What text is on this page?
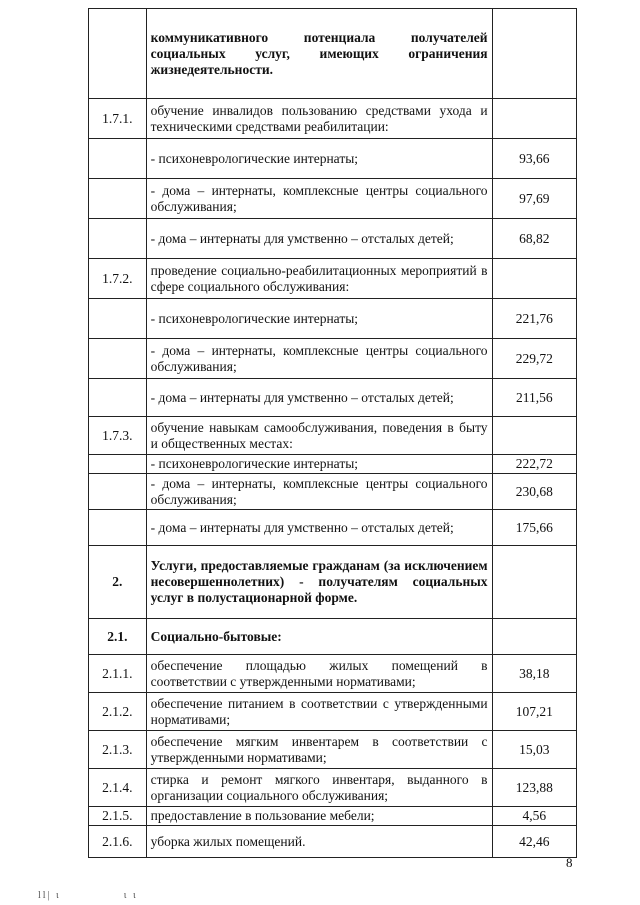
	коммуникативного потенциала получателей социальных услуг, имеющих ограничения жизнедеятельности.	
1.7.1.	обучение инвалидов пользованию средствами ухода и техническими средствами реабилитации:	
	- психоневрологические интернаты;	93,66
	- дома – интернаты, комплексные центры социального обслуживания;	97,69
	- дома – интернаты для умственно – отсталых детей;	68,82
1.7.2.	проведение социально-реабилитационных мероприятий в сфере социального обслуживания:	
	- психоневрологические интернаты;	221,76
	- дома – интернаты, комплексные центры социального обслуживания;	229,72
	- дома – интернаты для умственно – отсталых детей;	211,56
1.7.3.	обучение навыкам самообслуживания, поведения в быту и общественных местах:	
	- психоневрологические интернаты;	222,72
	- дома – интернаты, комплексные центры социального обслуживания;	230,68
	- дома – интернаты для умственно – отсталых детей;	175,66
2.	Услуги, предоставляемые гражданам (за исключением несовершеннолетних) - получателям социальных услуг в полустационарной форме.	
2.1.	Социально-бытовые:	
2.1.1.	обеспечение площадью жилых помещений в соответствии с утвержденными нормативами;	38,18
2.1.2.	обеспечение питанием в соответствии с утвержденными нормативами;	107,21
2.1.3.	обеспечение мягким инвентарем в соответствии с утвержденными нормативами;	15,03
2.1.4.	стирка и ремонт мягкого инвентаря, выданного в организации социального обслуживания;	123,88
2.1.5.	предоставление в пользование мебели;	4,56
2.1.6.	уборка жилых помещений.	42,46
8
ll| ι              ι ι
